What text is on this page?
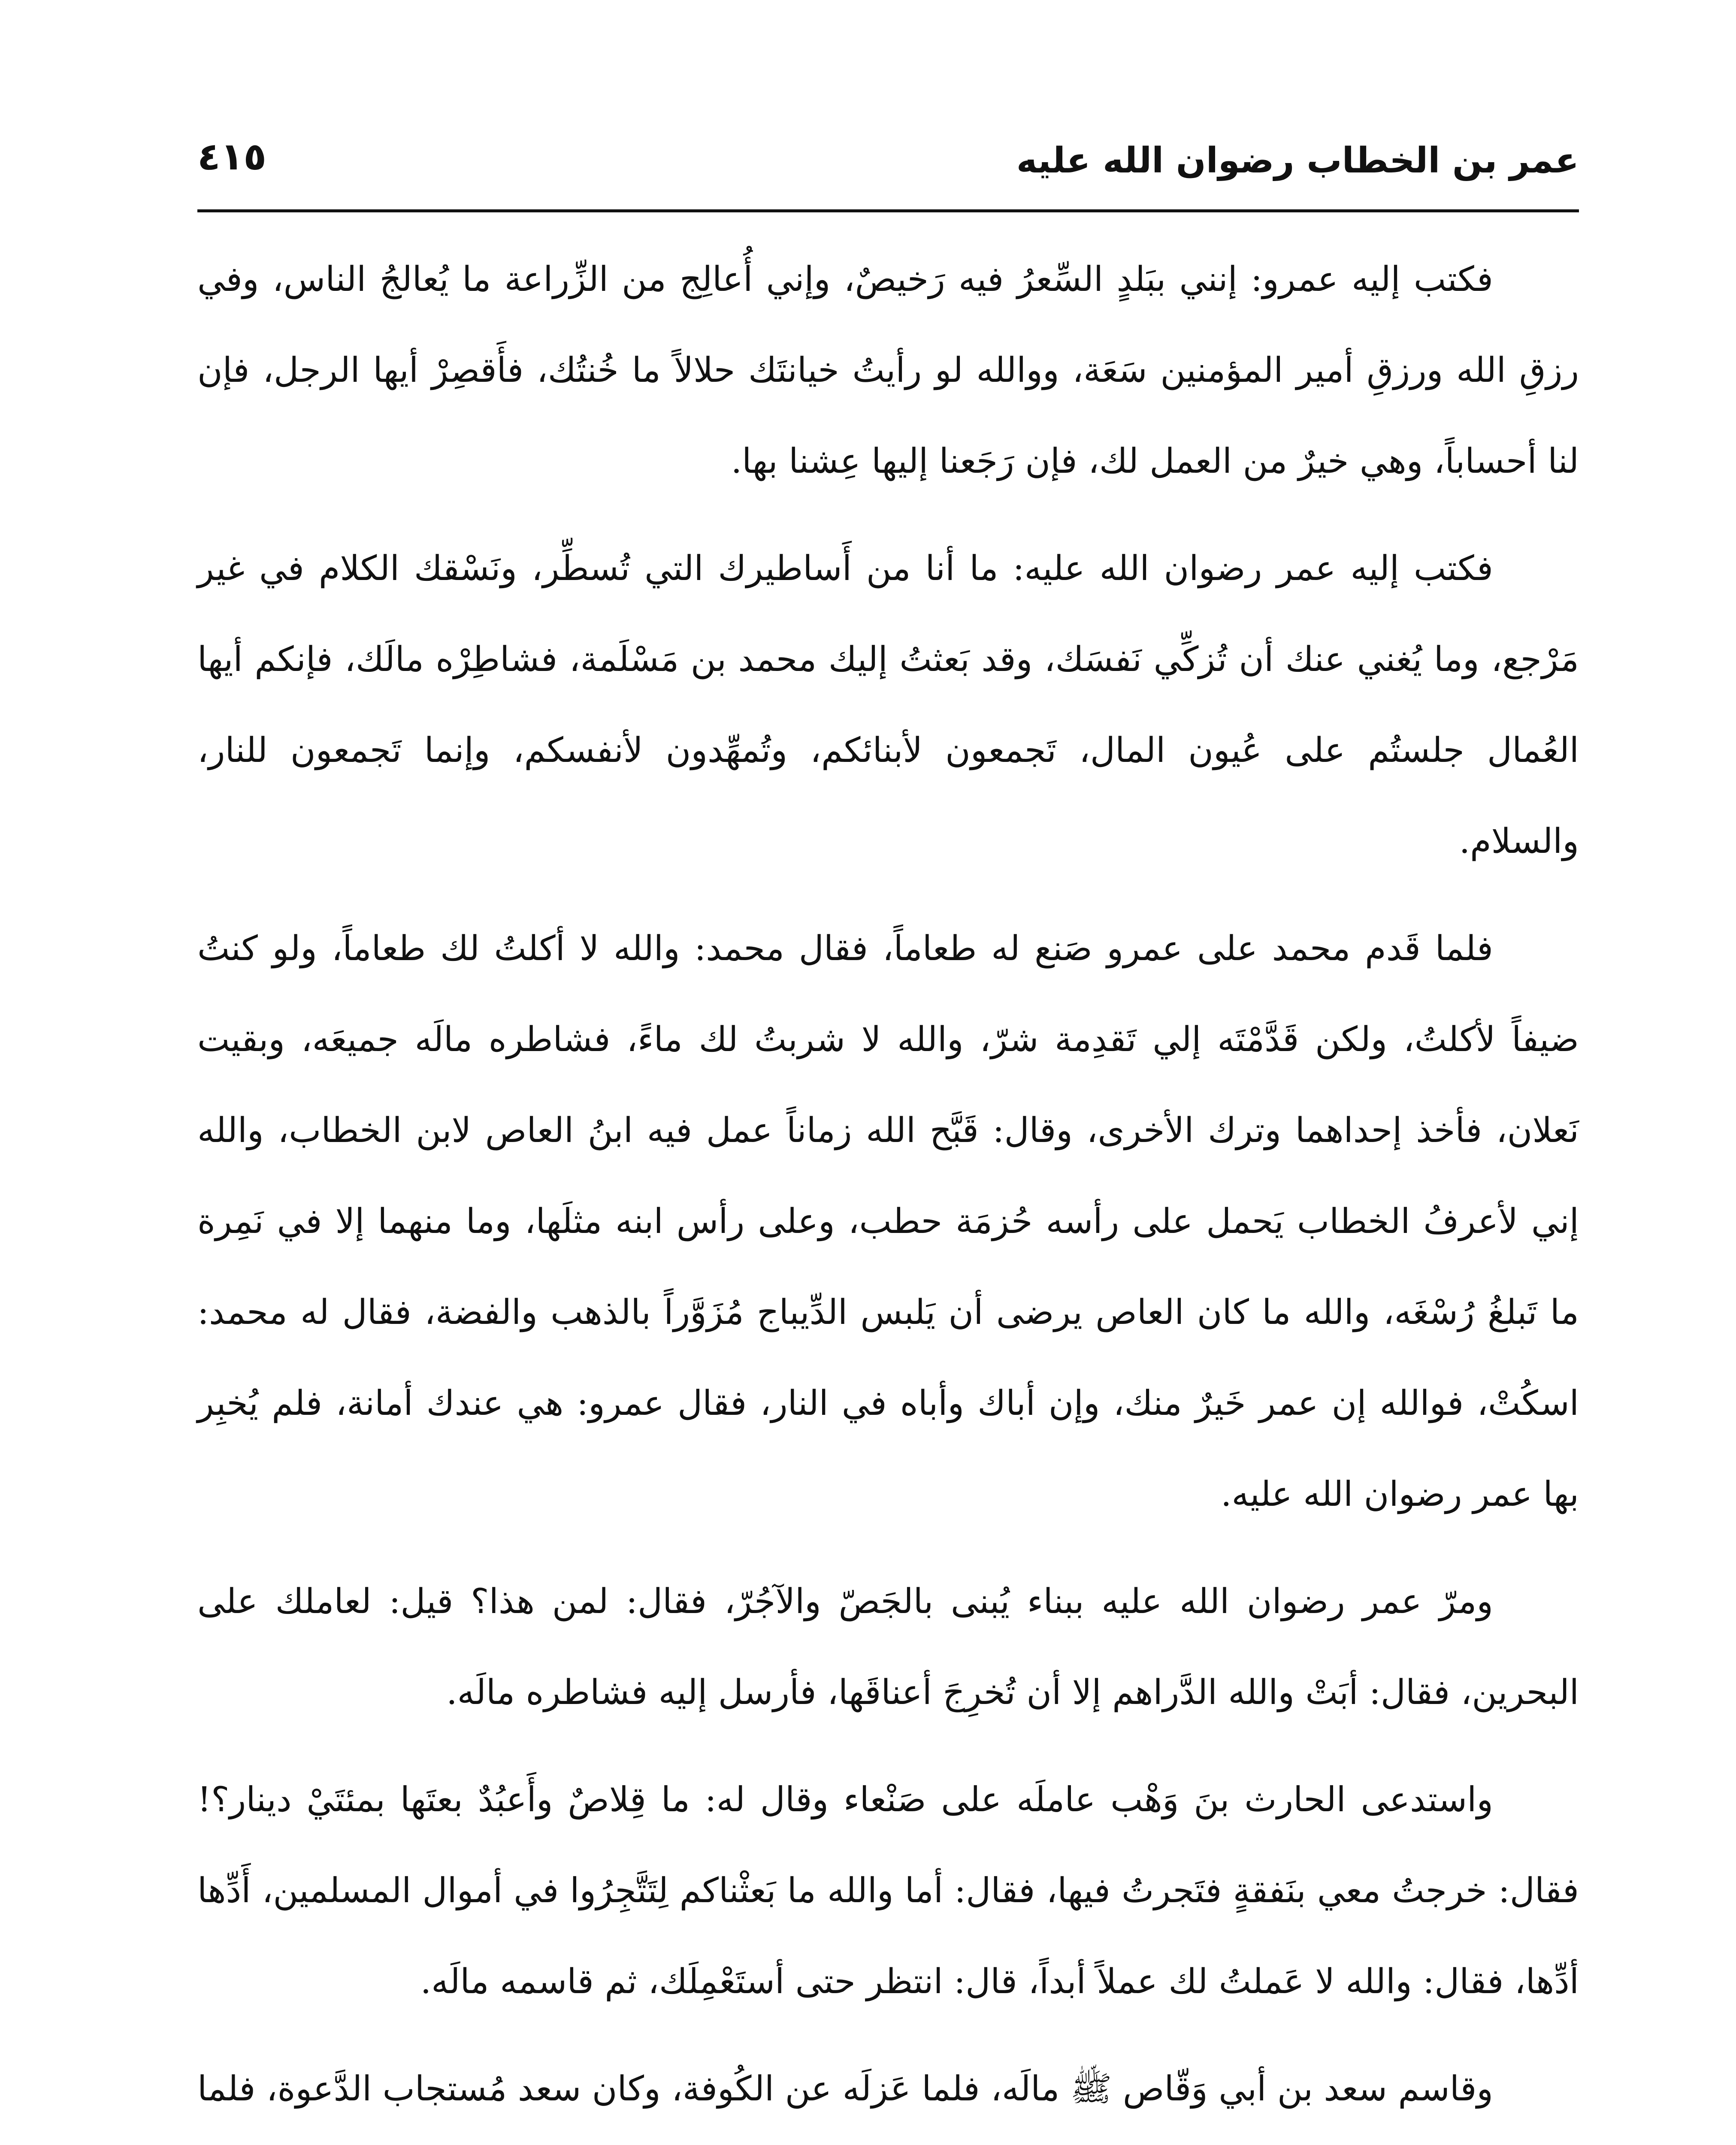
عمر بن الخطاب رضوان الله عليه
٤١٥

فكتب إليه عمرو: إنني ببَلدٍ السِّعرُ فيه رَخيصٌ، وإني أُعالِج من الزِّراعة ما يُعالجُ الناس، وفي رزقِ الله ورزقِ أمير المؤمنين سَعَة، ووالله لو رأيتُ خيانتَك حلالاً ما خُنتُك، فأَقصِرْ أيها الرجل، فإن لنا أحساباً، وهي خيرٌ من العمل لك، فإن رَجَعنا إليها عِشنا بها.

فكتب إليه عمر رضوان الله عليه: ما أنا من أَساطيرك التي تُسطِّر، ونَسْقك الكلام في غير مَرْجع، وما يُغني عنك أن تُزكِّي نَفسَك، وقد بَعثتُ إليك محمد بن مَسْلَمة، فشاطِرْه مالَك، فإنكم أيها العُمال جلستُم على عُيون المال، تَجمعون لأبنائكم، وتُمهِّدون لأنفسكم، وإنما تَجمعون للنار، والسلام.

فلما قَدم محمد على عمرو صَنع له طعاماً، فقال محمد: والله لا أكلتُ لك طعاماً، ولو كنتُ ضيفاً لأكلتُ، ولكن قَدَّمْتَه إلي تَقدِمة شرّ، والله لا شربتُ لك ماءً، فشاطره مالَه جميعَه، وبقيت نَعلان، فأخذ إحداهما وترك الأخرى، وقال: قَبَّح الله زماناً عمل فيه ابنُ العاص لابن الخطاب، والله إني لأعرفُ الخطاب يَحمل على رأسه حُزمَة حطب، وعلى رأس ابنه مثلَها، وما منهما إلا في نَمِرة ما تَبلغُ رُسْغَه، والله ما كان العاص يرضى أن يَلبس الدِّيباج مُزَوَّراً بالذهب والفضة، فقال له محمد: اسكُتْ، فوالله إن عمر خَيرٌ منك، وإن أباك وأباه في النار، فقال عمرو: هي عندك أمانة، فلم يُخبِر بها عمر رضوان الله عليه.

ومرّ عمر رضوان الله عليه ببناء يُبنى بالجَصّ والآجُرّ، فقال: لمن هذا؟ قيل: لعاملك على البحرين، فقال: أبَتْ والله الدَّراهم إلا أن تُخرِجَ أعناقَها، فأرسل إليه فشاطره مالَه.

واستدعى الحارث بنَ وَهْب عاملَه على صَنْعاء وقال له: ما قِلاصٌ وأَعبُدٌ بعتَها بمئتَيْ دينار؟! فقال: خرجتُ معي بنَفقةٍ فتَجرتُ فيها، فقال: أما والله ما بَعثْناكم لِتَتَّجِرُوا في أموال المسلمين، أَدِّها أدِّها، فقال: والله لا عَملتُ لك عملاً أبداً، قال: انتظر حتى أستَعْمِلَك، ثم قاسمه مالَه.

وقاسم سعد بن أبي وَقّاص ﷺ مالَه، فلما عَزلَه عن الكُوفة، وكان سعد مُستجاب الدَّعوة، فلما
